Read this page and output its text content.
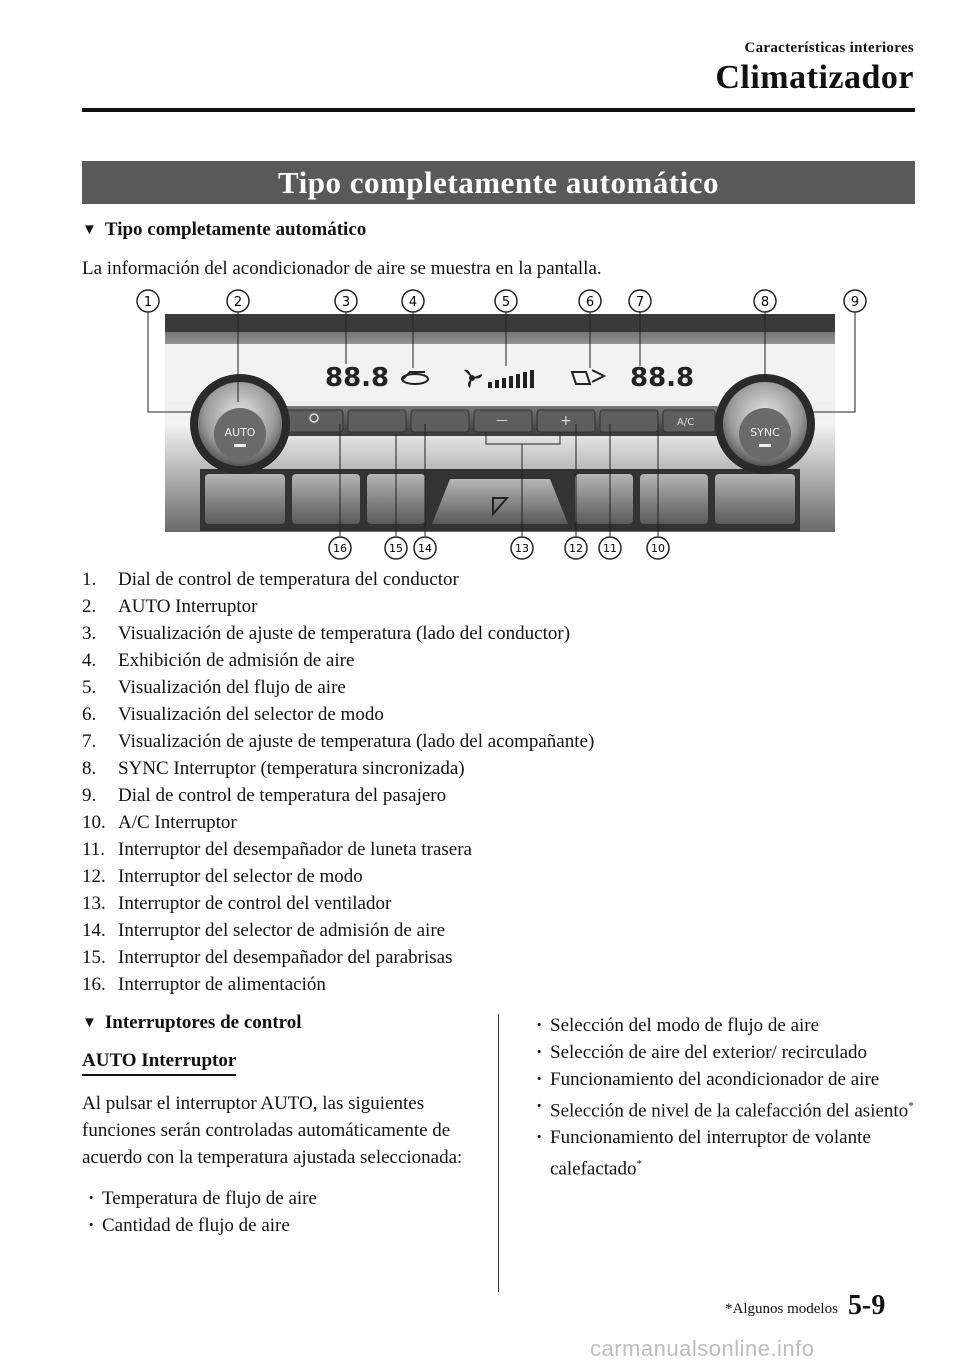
Características interiores
Climatizador
Tipo completamente automático
▼ Tipo completamente automático
La información del acondicionador de aire se muestra en la pantalla.
88.8	88.8
—	+	A/C
AUTO	SYNC
1	2	3	4	5	6	7	8	9
16	15 14	13	12 11	10
1.	Dial de control de temperatura del conductor
2.	AUTO Interruptor
3.	Visualización de ajuste de temperatura (lado del conductor)
4.	Exhibición de admisión de aire
5.	Visualización del flujo de aire
6.	Visualización del selector de modo
7.	Visualización de ajuste de temperatura (lado del acompañante)
8.	SYNC Interruptor (temperatura sincronizada)
9.	Dial de control de temperatura del pasajero
10. A/C Interruptor
11. Interruptor del desempañador de luneta trasera
12. Interruptor del selector de modo
13. Interruptor de control del ventilador
14. Interruptor del selector de admisión de aire
15. Interruptor del desempañador del parabrisas
16. Interruptor de alimentación
▼ Interruptores de control
AUTO Interruptor

Al pulsar el interruptor AUTO, las siguientes funciones serán controladas automáticamente de acuerdo con la temperatura ajustada seleccionada:

· Temperatura de flujo de aire
· Cantidad de flujo de aire
· Selección del modo de flujo de aire
· Selección de aire del exterior/ recirculado
· Funcionamiento del acondicionador de aire
· Selección de nivel de la calefacción del asiento*
· Funcionamiento del interruptor de volante calefactado*
*Algunos modelos 5-9
carmanualsonline.info
